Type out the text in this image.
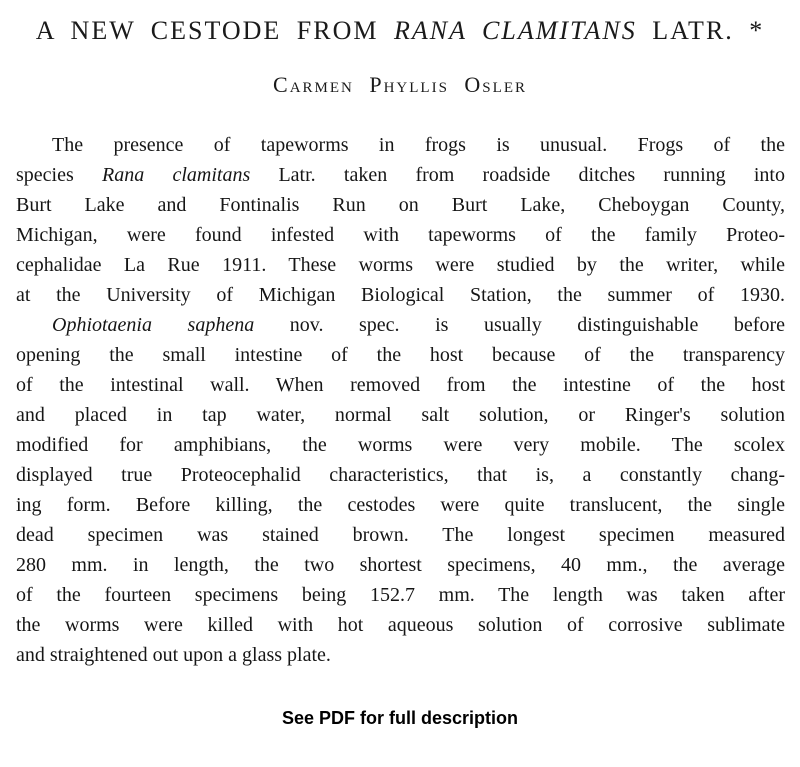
A NEW CESTODE FROM RANA CLAMITANS LATR. *
Carmen Phyllis Osler
The presence of tapeworms in frogs is unusual. Frogs of the
species Rana clamitans Latr. taken from roadside ditches running into
Burt Lake and Fontinalis Run on Burt Lake, Cheboygan County,
Michigan, were found infested with tapeworms of the family Proteo-
cephalidae La Rue 1911. These worms were studied by the writer, while
at the University of Michigan Biological Station, the summer of 1930.
Ophiotaenia saphena nov. spec. is usually distinguishable before
opening the small intestine of the host because of the transparency
of the intestinal wall. When removed from the intestine of the host
and placed in tap water, normal salt solution, or Ringer's solution
modified for amphibians, the worms were very mobile. The scolex
displayed true Proteocephalid characteristics, that is, a constantly chang-
ing form. Before killing, the cestodes were quite translucent, the single
dead specimen was stained brown. The longest specimen measured
280 mm. in length, the two shortest specimens, 40 mm., the average
of the fourteen specimens being 152.7 mm. The length was taken after
the worms were killed with hot aqueous solution of corrosive sublimate
and straightened out upon a glass plate.
See PDF for full description
